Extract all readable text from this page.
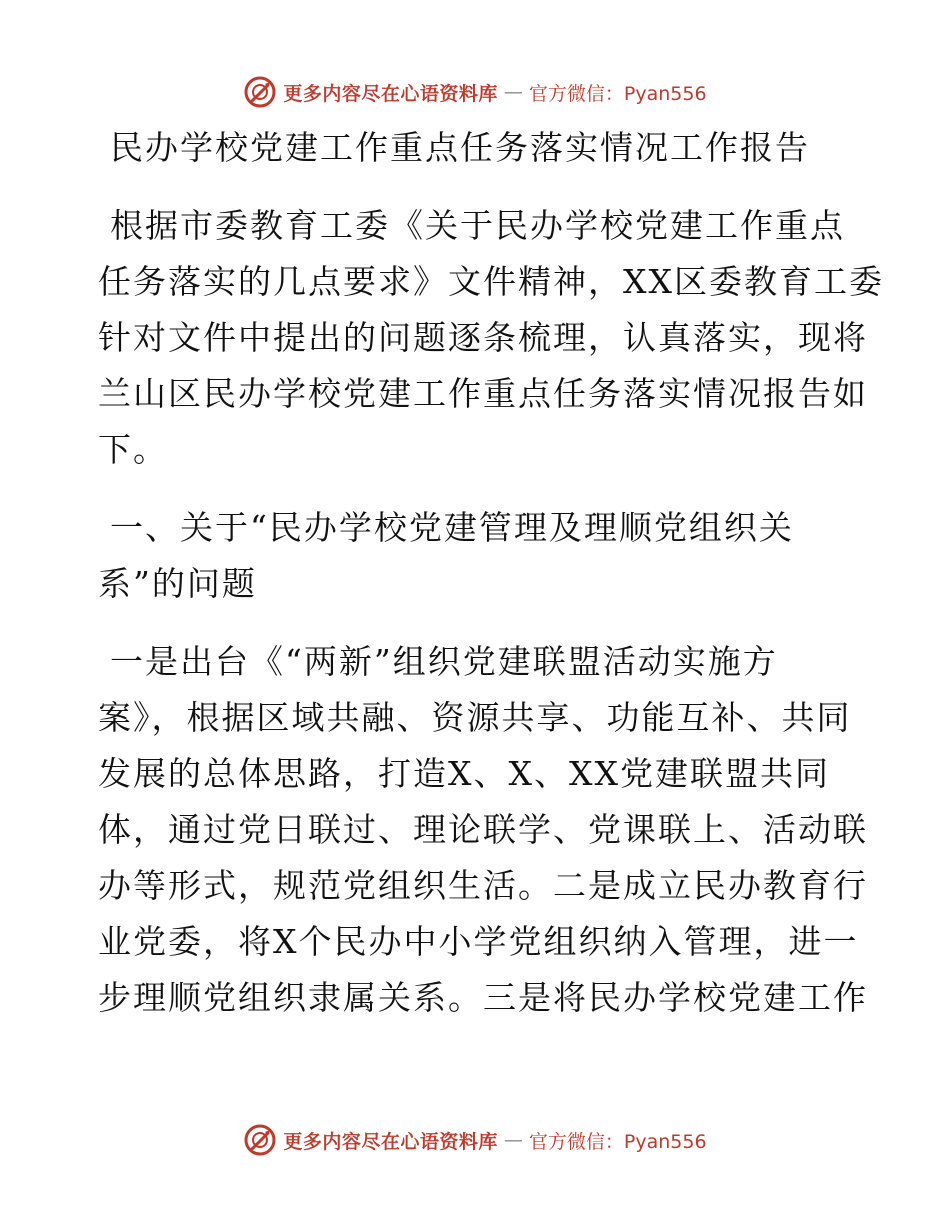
更多内容尽在心语资料库 — 官方微信：Pyan556
民办学校党建工作重点任务落实情况工作报告

根据市委教育工委《关于民办学校党建工作重点
任务落实的几点要求》文件精神，XX区委教育工委
针对文件中提出的问题逐条梳理，认真落实，现将
兰山区民办学校党建工作重点任务落实情况报告如
下。

一、关于“民办学校党建管理及理顺党组织关
系”的问题

一是出台《“两新”组织党建联盟活动实施方
案》，根据区域共融、资源共享、功能互补、共同
发展的总体思路，打造X、X、XX党建联盟共同
体，通过党日联过、理论联学、党课联上、活动联
办等形式，规范党组织生活。二是成立民办教育行
业党委，将X个民办中小学党组织纳入管理，进一
步理顺党组织隶属关系。三是将民办学校党建工作

更多内容尽在心语资料库 — 官方微信：Pyan556
